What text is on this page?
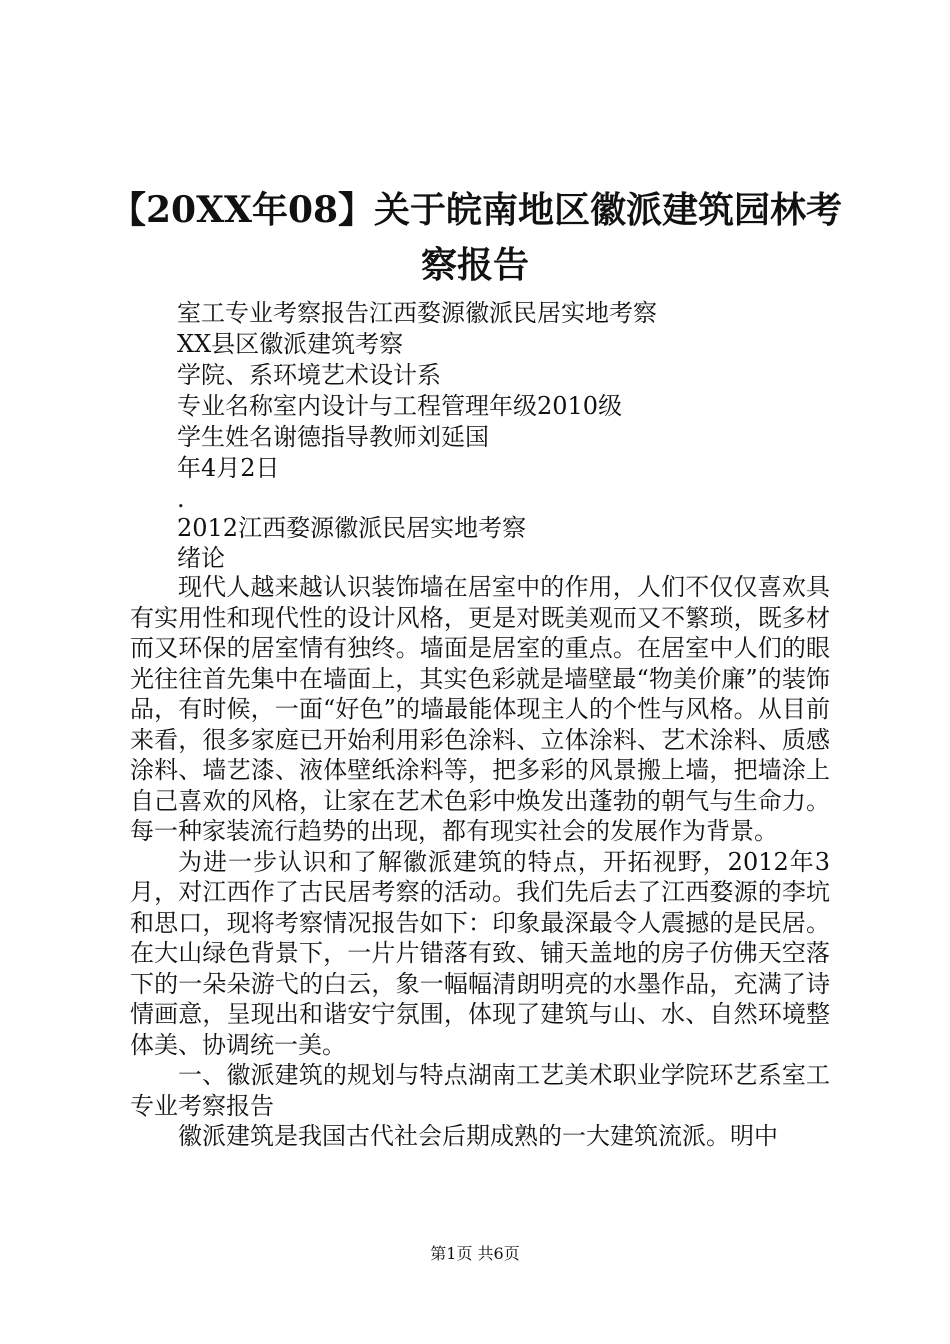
【20XX年08】关于皖南地区徽派建筑园林考
察报告
室工专业考察报告江西婺源徽派民居实地考察
XX县区徽派建筑考察
学院、系环境艺术设计系
专业名称室内设计与工程管理年级2010级
学生姓名谢德指导教师刘延国
年4月2日
.
2012江西婺源徽派民居实地考察
绪论

现代人越来越认识装饰墙在居室中的作用，人们不仅仅喜欢具有实用性和现代性的设计风格，更是对既美观而又不繁琐，既多材而又环保的居室情有独终。墙面是居室的重点。在居室中人们的眼光往往首先集中在墙面上，其实色彩就是墙壁最“物美价廉”的装饰品，有时候，一面“好色”的墙最能体现主人的个性与风格。从目前来看，很多家庭已开始利用彩色涂料、立体涂料、艺术涂料、质感涂料、墙艺漆、液体壁纸涂料等，把多彩的风景搬上墙，把墙涂上自己喜欢的风格，让家在艺术色彩中焕发出蓬勃的朝气与生命力。每一种家装流行趋势的出现，都有现实社会的发展作为背景。

为进一步认识和了解徽派建筑的特点，开拓视野，2012年3月，对江西作了古民居考察的活动。我们先后去了江西婺源的李坑和思口，现将考察情况报告如下：印象最深最令人震撼的是民居。在大山绿色背景下，一片片错落有致、铺天盖地的房子仿佛天空落下的一朵朵游弋的白云，象一幅幅清朗明亮的水墨作品，充满了诗情画意，呈现出和谐安宁氛围，体现了建筑与山、水、自然环境整体美、协调统一美。

一、徽派建筑的规划与特点湖南工艺美术职业学院环艺系室工专业考察报告

徽派建筑是我国古代社会后期成熟的一大建筑流派。明中

第1页 共6页
